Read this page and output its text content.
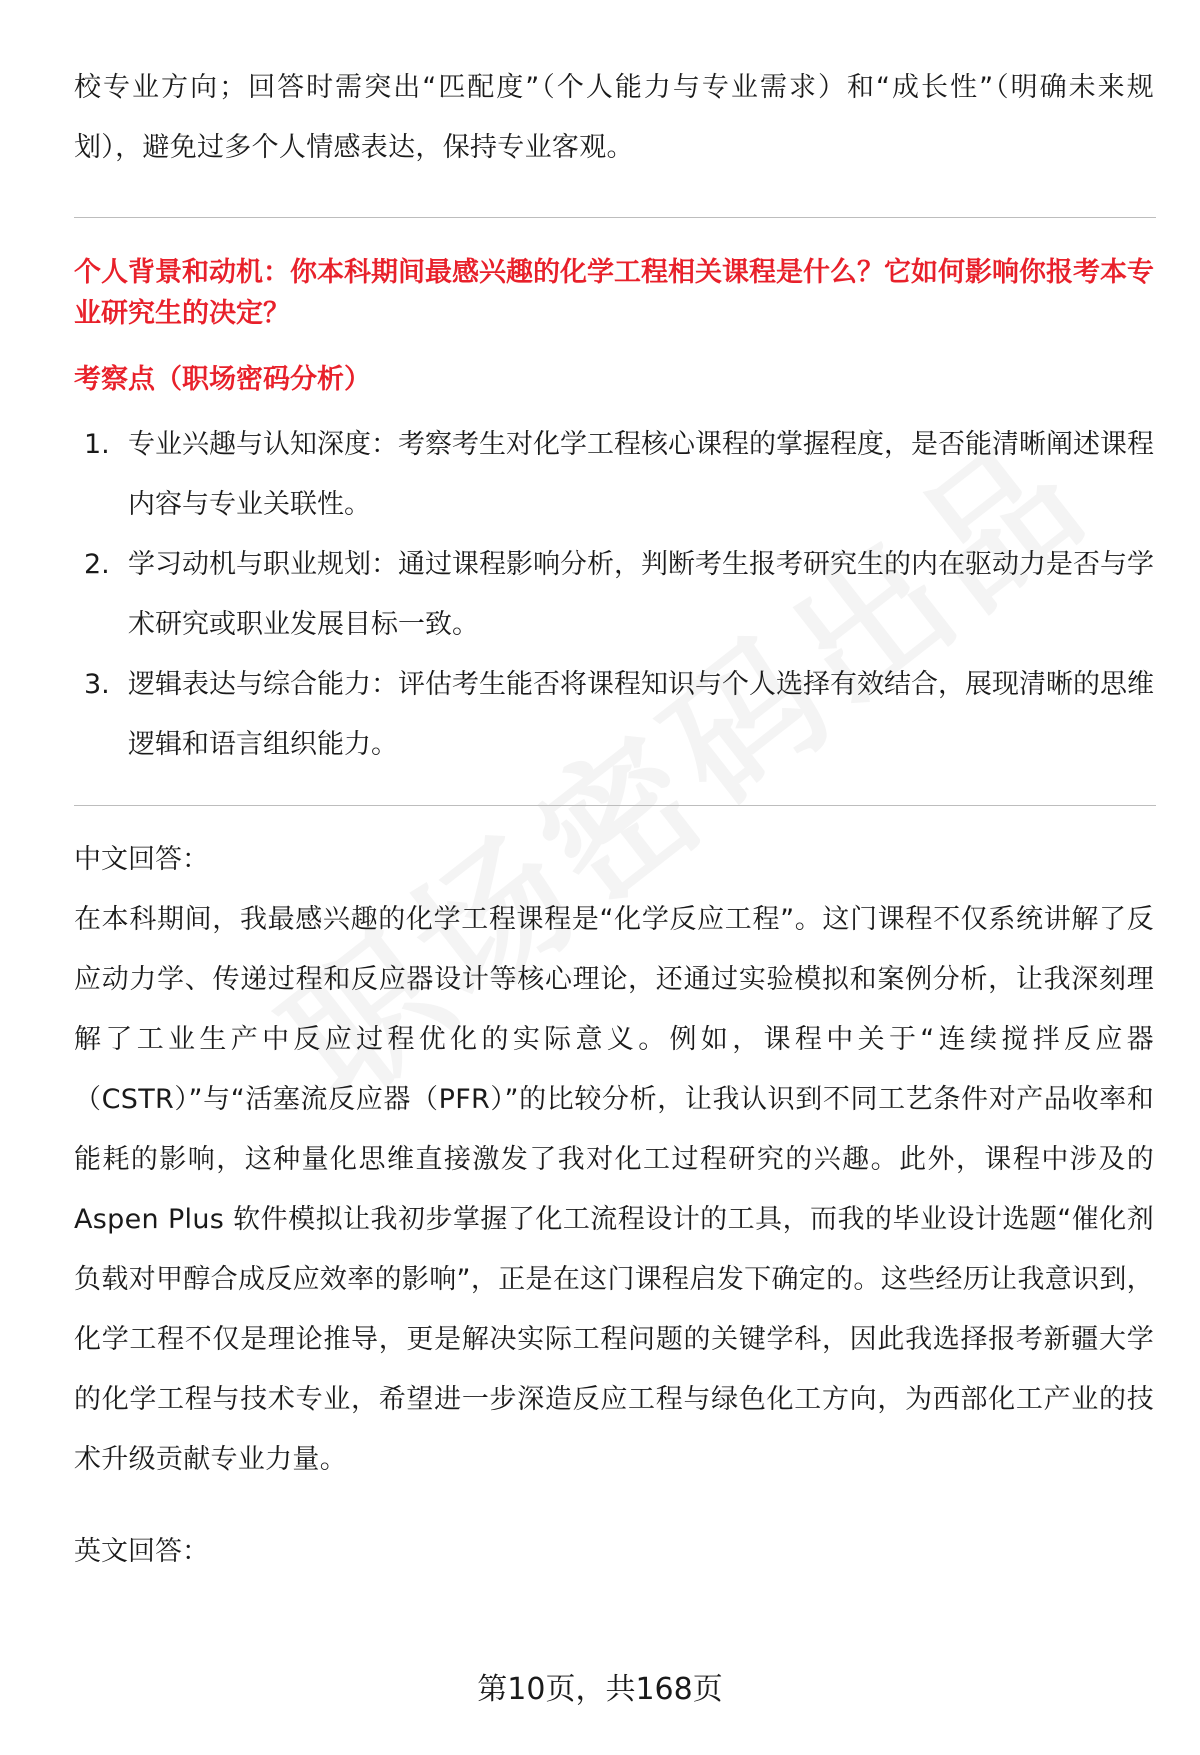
校专业方向；回答时需突出“匹配度”（个人能力与专业需求）和“成长性”（明确未来规划），避免过多个人情感表达，保持专业客观。

个人背景和动机：你本科期间最感兴趣的化学工程相关课程是什么？它如何影响你报考本专业研究生的决定？

考察点（职场密码分析）

1. 专业兴趣与认知深度：考察考生对化学工程核心课程的掌握程度，是否能清晰阐述课程内容与专业关联性。
2. 学习动机与职业规划：通过课程影响分析，判断考生报考研究生的内在驱动力是否与学术研究或职业发展目标一致。
3. 逻辑表达与综合能力：评估考生能否将课程知识与个人选择有效结合，展现清晰的思维逻辑和语言组织能力。

中文回答：

在本科期间，我最感兴趣的化学工程课程是“化学反应工程”。这门课程不仅系统讲解了反应动力学、传递过程和反应器设计等核心理论，还通过实验模拟和案例分析，让我深刻理解了工业生产中反应过程优化的实际意义。例如，课程中关于“连续搅拌反应器（CSTR）”与“活塞流反应器（PFR）”的比较分析，让我认识到不同工艺条件对产品收率和能耗的影响，这种量化思维直接激发了我对化工过程研究的兴趣。此外，课程中涉及的 Aspen Plus 软件模拟让我初步掌握了化工流程设计的工具，而我的毕业设计选题“催化剂负载对甲醇合成反应效率的影响”，正是在这门课程启发下确定的。这些经历让我意识到，化学工程不仅是理论推导，更是解决实际工程问题的关键学科，因此我选择报考新疆大学的化学工程与技术专业，希望进一步深造反应工程与绿色化工方向，为西部化工产业的技术升级贡献专业力量。

英文回答：

第10页，共168页
